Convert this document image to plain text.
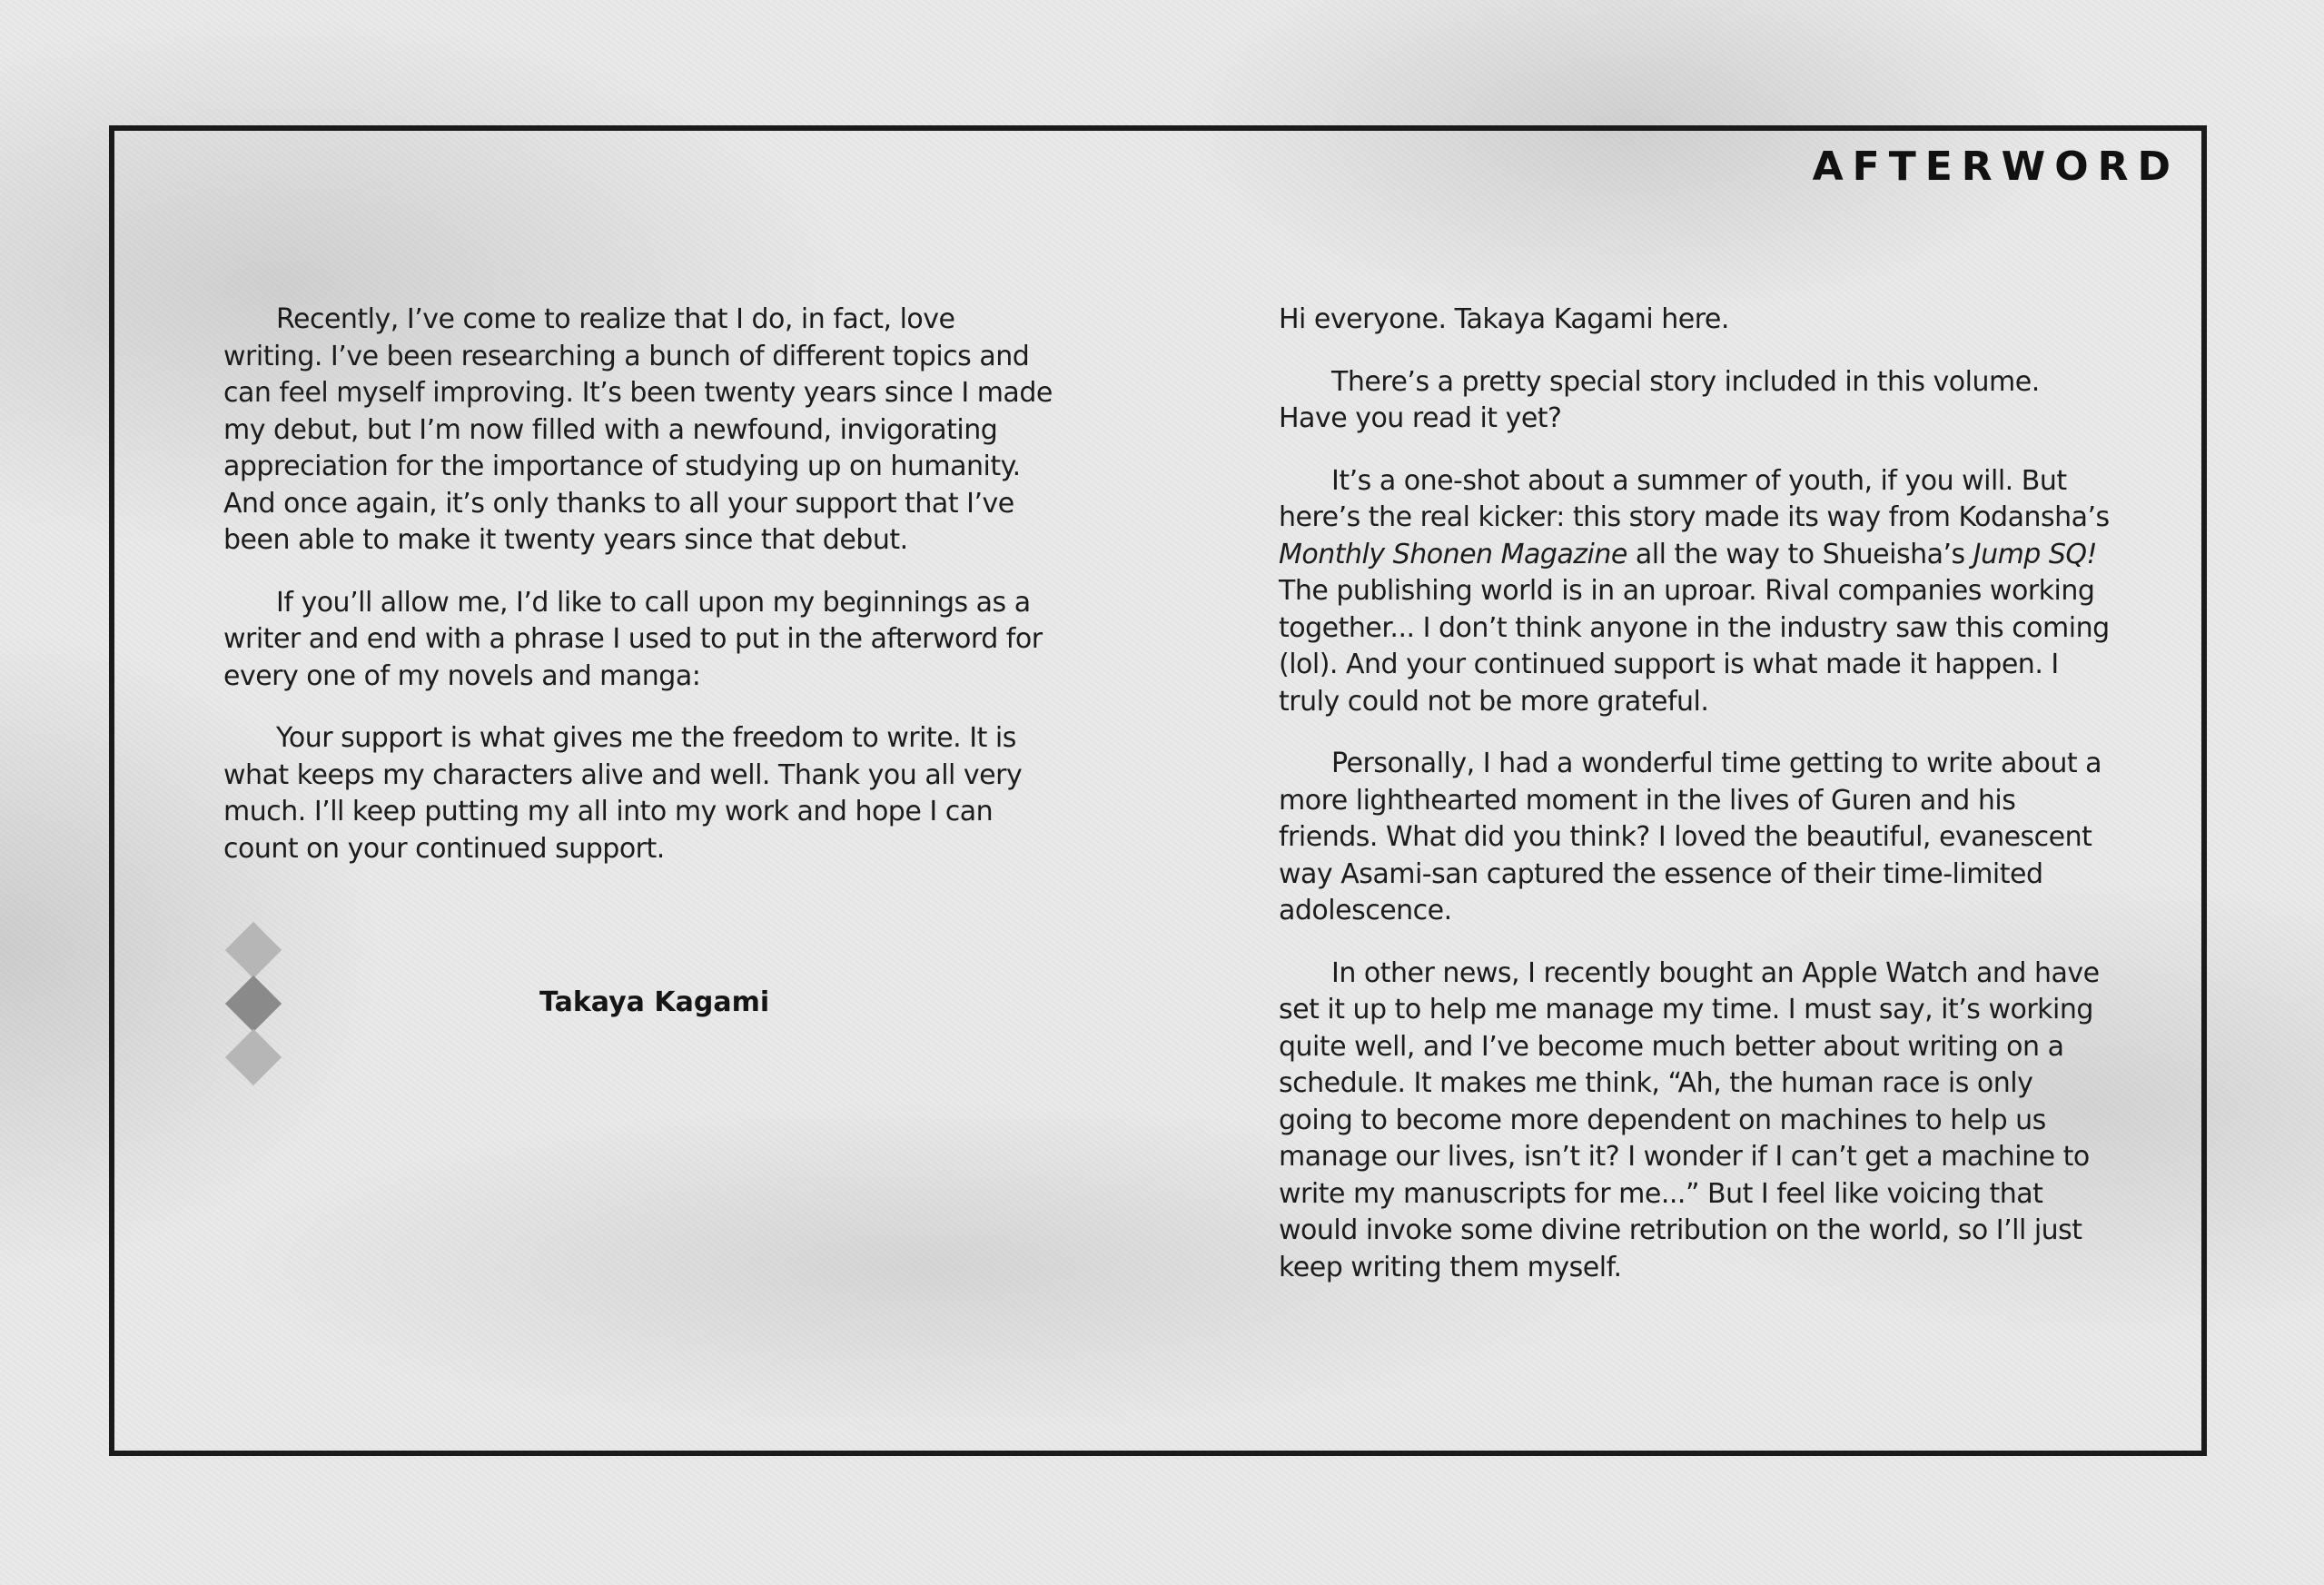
AFTERWORD

Recently, I’ve come to realize that I do, in fact, love writing. I’ve been researching a bunch of different topics and can feel myself improving. It’s been twenty years since I made my debut, but I’m now filled with a newfound, invigorating appreciation for the importance of studying up on humanity. And once again, it’s only thanks to all your support that I’ve been able to make it twenty years since that debut.

If you’ll allow me, I’d like to call upon my beginnings as a writer and end with a phrase I used to put in the afterword for every one of my novels and manga:

Your support is what gives me the freedom to write. It is what keeps my characters alive and well. Thank you all very much. I’ll keep putting my all into my work and hope I can count on your continued support.

Takaya Kagami

Hi everyone. Takaya Kagami here.

There’s a pretty special story included in this volume. Have you read it yet?

It’s a one-shot about a summer of youth, if you will. But here’s the real kicker: this story made its way from Kodansha’s Monthly Shonen Magazine all the way to Shueisha’s Jump SQ! The publishing world is in an uproar. Rival companies working together... I don’t think anyone in the industry saw this coming (lol). And your continued support is what made it happen. I truly could not be more grateful.

Personally, I had a wonderful time getting to write about a more lighthearted moment in the lives of Guren and his friends. What did you think? I loved the beautiful, evanescent way Asami-san captured the essence of their time-limited adolescence.

In other news, I recently bought an Apple Watch and have set it up to help me manage my time. I must say, it’s working quite well, and I’ve become much better about writing on a schedule. It makes me think, “Ah, the human race is only going to become more dependent on machines to help us manage our lives, isn’t it? I wonder if I can’t get a machine to write my manuscripts for me...” But I feel like voicing that would invoke some divine retribution on the world, so I’ll just keep writing them myself.
